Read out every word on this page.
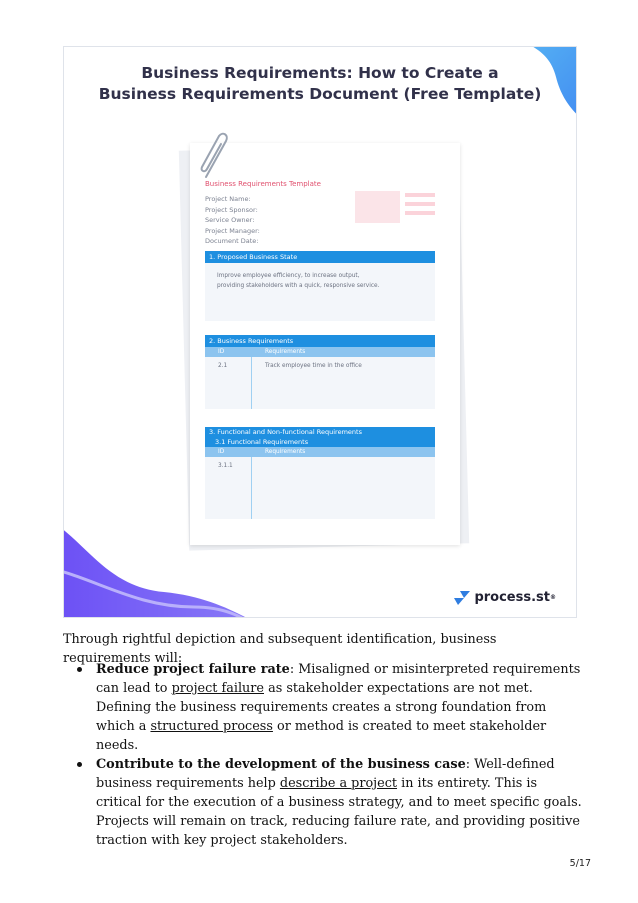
Business Requirements: How to Create a
Business Requirements Document (Free Template)
Business Requirements Template
Project Name:
Project Sponsor:
Service Owner:
Project Manager:
Document Date:
1. Proposed Business State
Improve employee efficiency, to increase output,
providing stakeholders with a quick, responsive service.
2. Business Requirements
ID	Requirements
2.1	Track employee time in the office
3. Functional and Non-functional Requirements
3.1 Functional Requirements
ID	Requirements
3.1.1
process.st ®
Through rightful depiction and subsequent identification, business requirements will:
Reduce project failure rate: Misaligned or misinterpreted requirements can lead to project failure as stakeholder expectations are not met. Defining the business requirements creates a strong foundation from which a structured process or method is created to meet stakeholder needs.
Contribute to the development of the business case: Well-defined business requirements help describe a project in its entirety. This is critical for the execution of a business strategy, and to meet specific goals. Projects will remain on track, reducing failure rate, and providing positive traction with key project stakeholders.
5/17
